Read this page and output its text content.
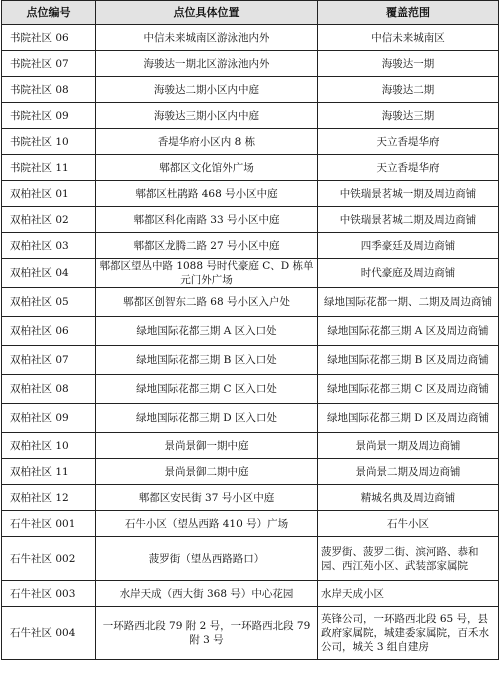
点位编号	点位具体位置	覆盖范围
书院社区 06	中信未来城南区游泳池内外	中信未来城南区
书院社区 07	海骏达一期北区游泳池内外	海骏达一期
书院社区 08	海骏达二期小区内中庭	海骏达二期
书院社区 09	海骏达三期小区内中庭	海骏达三期
书院社区 10	香堤华府小区内 8 栋	天立香堤华府
书院社区 11	郫都区文化馆外广场	天立香堤华府
双柏社区 01	郫都区杜鹃路 468 号小区中庭	中铁瑞景茗城一期及周边商铺
双柏社区 02	郫都区科化南路 33 号小区中庭	中铁瑞景茗城二期及周边商铺
双柏社区 03	郫都区龙腾二路 27 号小区中庭	四季豪廷及周边商铺
双柏社区 04	郫都区望丛中路 1088 号时代豪庭 C、D 栋单元门外广场	时代豪庭及周边商铺
双柏社区 05	郫都区创智东二路 68 号小区入户处	绿地国际花都一期、二期及周边商铺
双柏社区 06	绿地国际花都三期 A 区入口处	绿地国际花都三期 A 区及周边商铺
双柏社区 07	绿地国际花都三期 B 区入口处	绿地国际花都三期 B 区及周边商铺
双柏社区 08	绿地国际花都三期 C 区入口处	绿地国际花都三期 C 区及周边商铺
双柏社区 09	绿地国际花都三期 D 区入口处	绿地国际花都三期 D 区及周边商铺
双柏社区 10	景尚景御一期中庭	景尚景一期及周边商铺
双柏社区 11	景尚景御二期中庭	景尚景二期及周边商铺
双柏社区 12	郫都区安民街 37 号小区中庭	精城名典及周边商铺
石牛社区 001	石牛小区（望丛西路 410 号）广场	石牛小区
石牛社区 002	菠罗街（望丛西路路口）	菠罗街、菠罗二街、滨河路、恭和园、西江苑小区、武装部家属院
石牛社区 003	水岸天成（西大街 368 号）中心花园	水岸天成小区
石牛社区 004	一环路西北段 79 附 2 号，一环路西北段 79 附 3 号	英锋公司，一环路西北段 65 号，县政府家属院，城建委家属院，百禾水公司，城关 3 组自建房
